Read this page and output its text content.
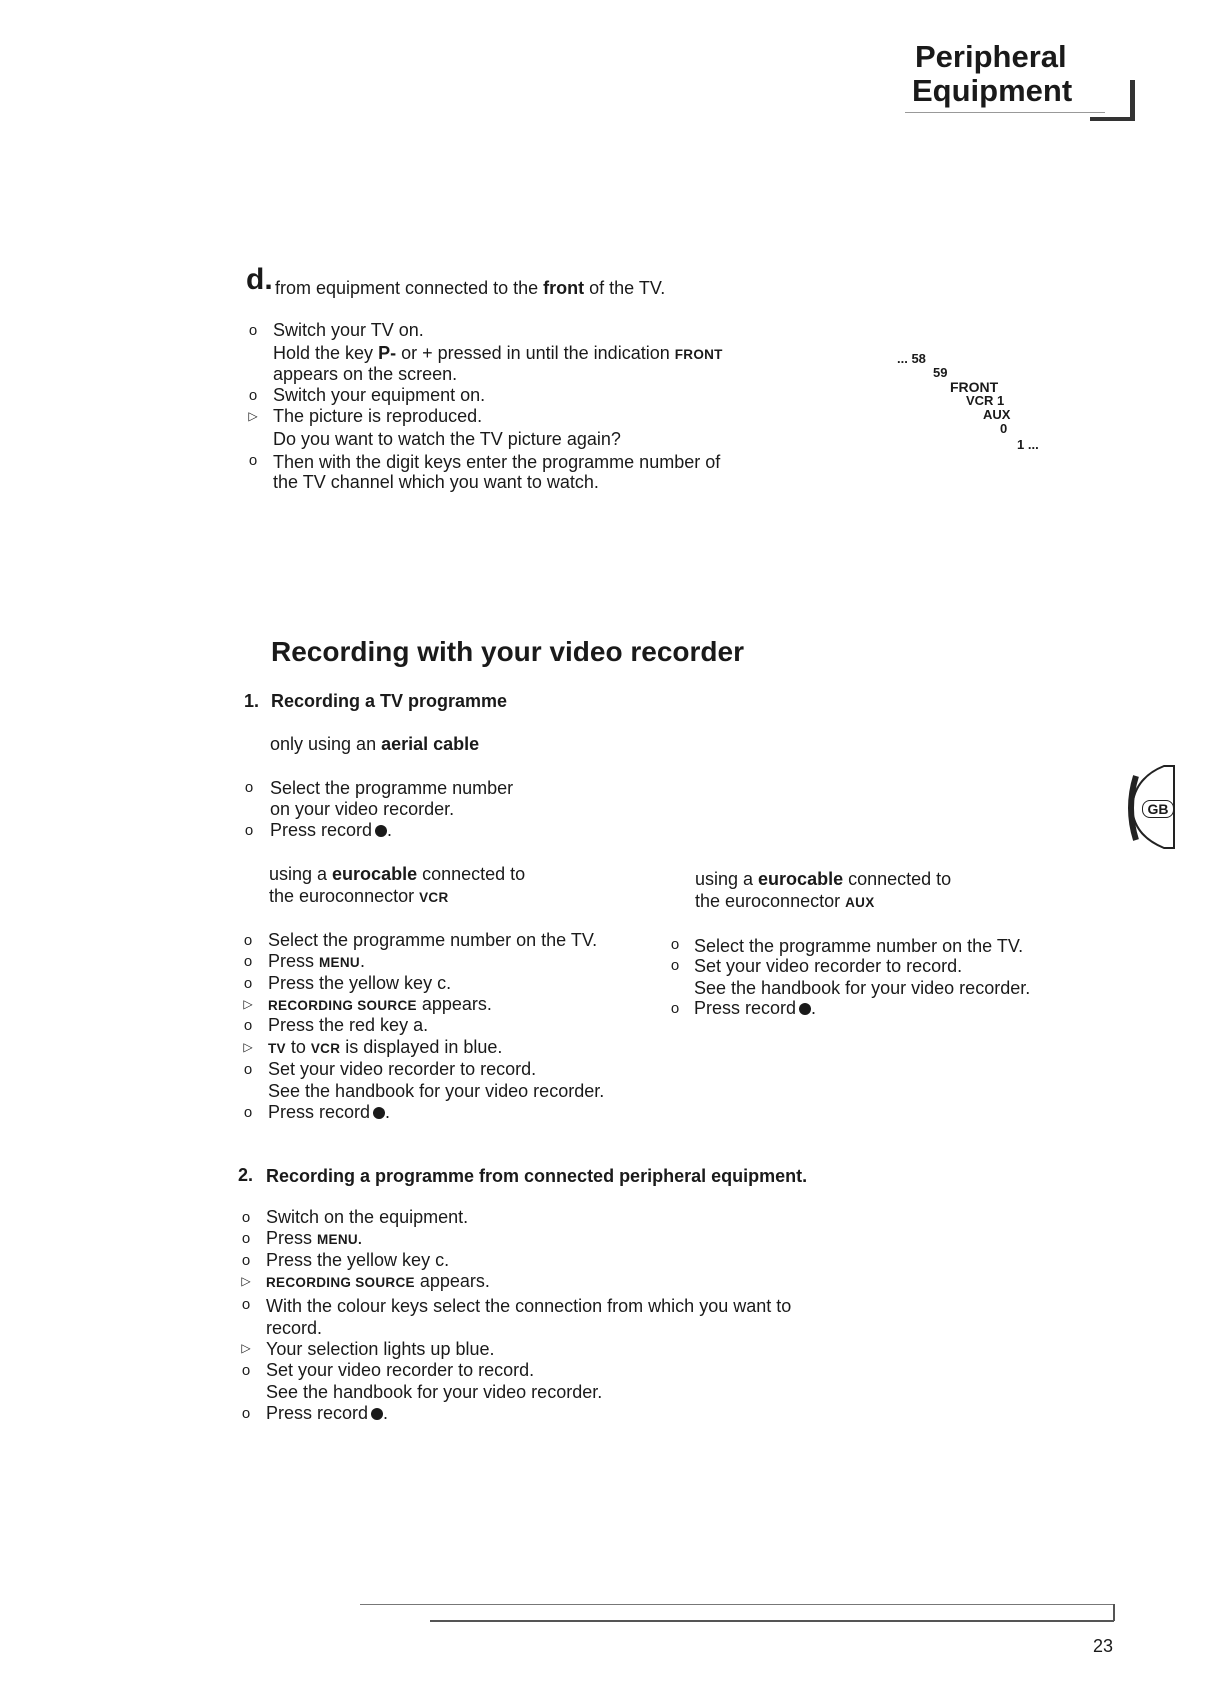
Peripheral
Equipment
d. from equipment connected to the front of the TV.
o Switch your TV on.
Hold the key P- or + pressed in until the indication FRONT
appears on the screen.
o Switch your equipment on.
▷ The picture is reproduced.
Do you want to watch the TV picture again?
o Then with the digit keys enter the programme number of
the TV channel which you want to watch.
... 58
59
FRONT
VCR 1
AUX
0
1 ...
Recording with your video recorder
1. Recording a TV programme
only using an aerial cable
o Select the programme number
on your video recorder.
o Press record .
using a eurocable connected to
the euroconnector VCR
o Select the programme number on the TV.
o Press MENU.
o Press the yellow key c.
▷ RECORDING SOURCE appears.
o Press the red key a.
▷ TV to VCR is displayed in blue.
o Set your video recorder to record.
See the handbook for your video recorder.
o Press record .
using a eurocable connected to
the euroconnector AUX
o Select the programme number on the TV.
o Set your video recorder to record.
See the handbook for your video recorder.
o Press record .
2. Recording a programme from connected peripheral equipment.
o Switch on the equipment.
o Press MENU.
o Press the yellow key c.
▷ RECORDING SOURCE appears.
o With the colour keys select the connection from which you want to
record.
▷ Your selection lights up blue.
o Set your video recorder to record.
See the handbook for your video recorder.
o Press record .
GB
23
